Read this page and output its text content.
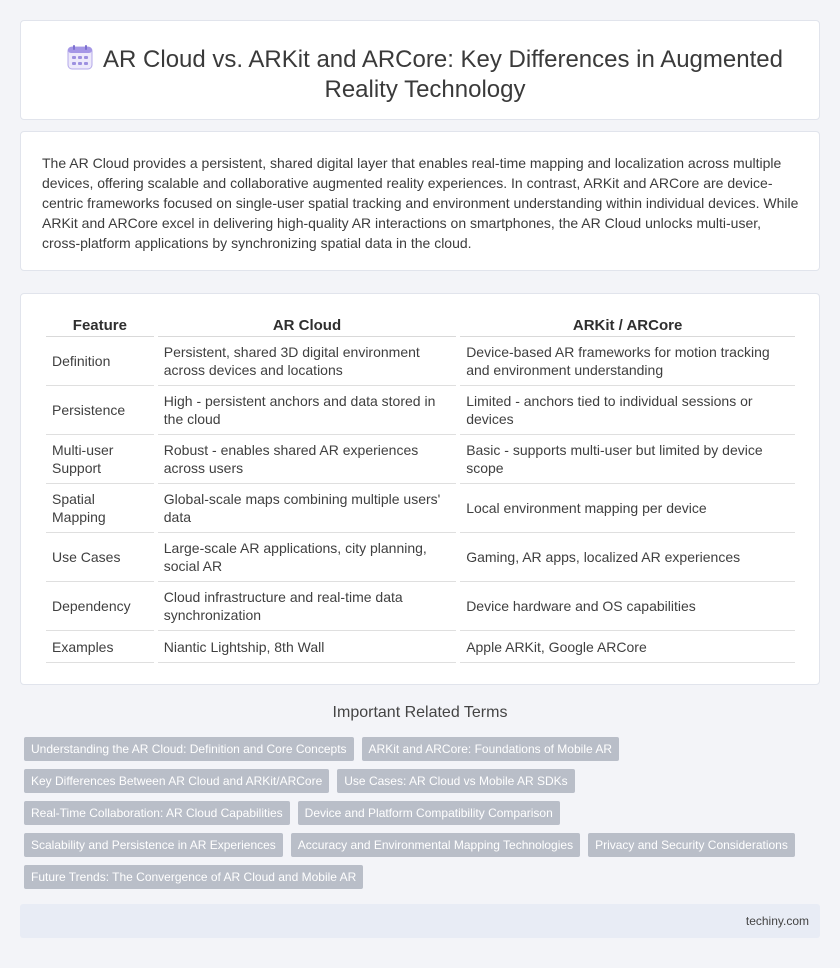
AR Cloud vs. ARKit and ARCore: Key Differences in Augmented Reality Technology

The AR Cloud provides a persistent, shared digital layer that enables real-time mapping and localization across multiple devices, offering scalable and collaborative augmented reality experiences. In contrast, ARKit and ARCore are device-centric frameworks focused on single-user spatial tracking and environment understanding within individual devices. While ARKit and ARCore excel in delivering high-quality AR interactions on smartphones, the AR Cloud unlocks multi-user, cross-platform applications by synchronizing spatial data in the cloud.

Feature	AR Cloud	ARKit / ARCore
Definition	Persistent, shared 3D digital environment across devices and locations	Device-based AR frameworks for motion tracking and environment understanding
Persistence	High - persistent anchors and data stored in the cloud	Limited - anchors tied to individual sessions or devices
Multi-user Support	Robust - enables shared AR experiences across users	Basic - supports multi-user but limited by device scope
Spatial Mapping	Global-scale maps combining multiple users' data	Local environment mapping per device
Use Cases	Large-scale AR applications, city planning, social AR	Gaming, AR apps, localized AR experiences
Dependency	Cloud infrastructure and real-time data synchronization	Device hardware and OS capabilities
Examples	Niantic Lightship, 8th Wall	Apple ARKit, Google ARCore
Important Related Terms
Understanding the AR Cloud: Definition and Core Concepts	ARKit and ARCore: Foundations of Mobile AR
Key Differences Between AR Cloud and ARKit/ARCore	Use Cases: AR Cloud vs Mobile AR SDKs
Real-Time Collaboration: AR Cloud Capabilities	Device and Platform Compatibility Comparison
Scalability and Persistence in AR Experiences	Accuracy and Environmental Mapping Technologies	Privacy and Security Considerations
Future Trends: The Convergence of AR Cloud and Mobile AR
techiny.com
